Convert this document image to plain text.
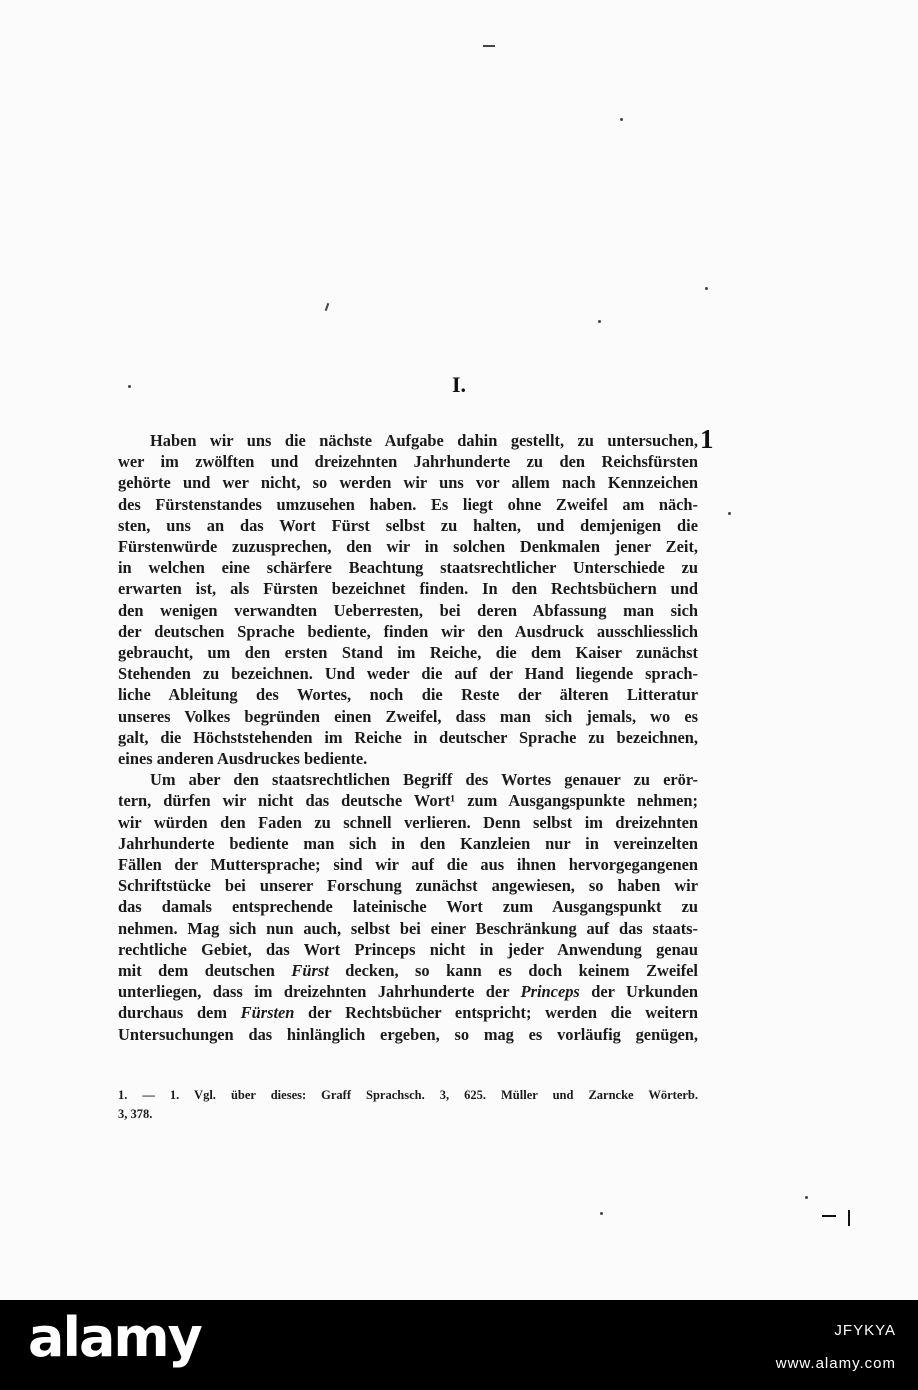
I.
1
Haben wir uns die nächste Aufgabe dahin gestellt, zu untersuchen,
wer im zwölften und dreizehnten Jahrhunderte zu den Reichsfürsten
gehörte und wer nicht, so werden wir uns vor allem nach Kennzeichen
des Fürstenstandes umzusehen haben. Es liegt ohne Zweifel am näch-
sten, uns an das Wort Fürst selbst zu halten, und demjenigen die
Fürstenwürde zuzusprechen, den wir in solchen Denkmalen jener Zeit,
in welchen eine schärfere Beachtung staatsrechtlicher Unterschiede zu
erwarten ist, als Fürsten bezeichnet finden. In den Rechtsbüchern und
den wenigen verwandten Ueberresten, bei deren Abfassung man sich
der deutschen Sprache bediente, finden wir den Ausdruck ausschliesslich
gebraucht, um den ersten Stand im Reiche, die dem Kaiser zunächst
Stehenden zu bezeichnen. Und weder die auf der Hand liegende sprach-
liche Ableitung des Wortes, noch die Reste der älteren Litteratur
unseres Volkes begründen einen Zweifel, dass man sich jemals, wo es
galt, die Höchststehenden im Reiche in deutscher Sprache zu bezeichnen,
eines anderen Ausdruckes bediente.
Um aber den staatsrechtlichen Begriff des Wortes genauer zu erör-
tern, dürfen wir nicht das deutsche Wort¹ zum Ausgangspunkte nehmen;
wir würden den Faden zu schnell verlieren. Denn selbst im dreizehnten
Jahrhunderte bediente man sich in den Kanzleien nur in vereinzelten
Fällen der Muttersprache; sind wir auf die aus ihnen hervorgegangenen
Schriftstücke bei unserer Forschung zunächst angewiesen, so haben wir
das damals entsprechende lateinische Wort zum Ausgangspunkt zu
nehmen. Mag sich nun auch, selbst bei einer Beschränkung auf das staats-
rechtliche Gebiet, das Wort Princeps nicht in jeder Anwendung genau
mit dem deutschen Fürst decken, so kann es doch keinem Zweifel
unterliegen, dass im dreizehnten Jahrhunderte der Princeps der Urkunden
durchaus dem Fürsten der Rechtsbücher entspricht; werden die weitern
Untersuchungen das hinlänglich ergeben, so mag es vorläufig genügen,
1. — 1. Vgl. über dieses: Graff Sprachsch. 3, 625. Müller und Zarncke Wörterb.
3, 378.
alamy	JFYKYA
www.alamy.com
